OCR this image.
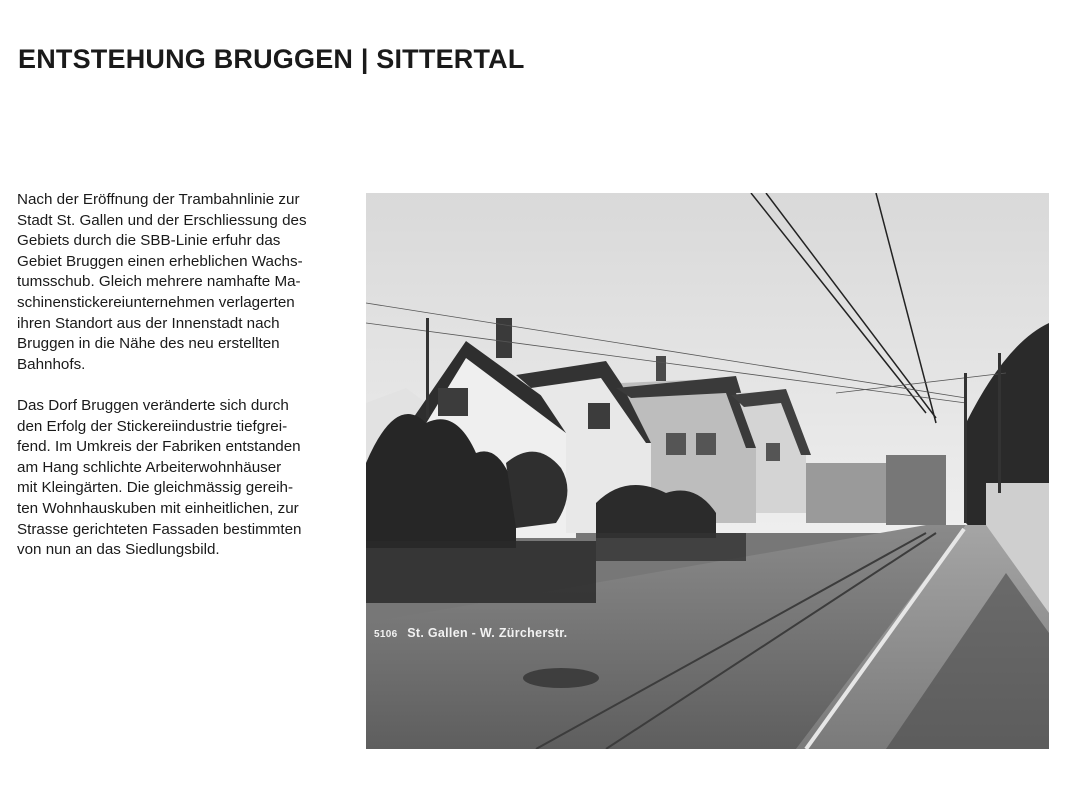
ENTSTEHUNG BRUGGEN | SITTERTAL

Nach der Eröffnung der Trambahnlinie zur
Stadt St. Gallen und der Erschliessung des
Gebiets durch die SBB-Linie erfuhr das
Gebiet Bruggen einen erheblichen Wachs-
tumsschub. Gleich mehrere namhafte Ma-
schinenstickereiunternehmen verlagerten
ihren Standort aus der Innenstadt nach
Bruggen in die Nähe des neu erstellten
Bahnhofs.

Das Dorf Bruggen veränderte sich durch
den Erfolg der Stickereiindustrie tiefgrei-
fend. Im Umkreis der Fabriken entstanden
am Hang schlichte Arbeiterwohnhäuser
mit Kleingärten. Die gleichmässig gereih-
ten Wohnhauskuben mit einheitlichen, zur
Strasse gerichteten Fassaden bestimmten
von nun an das Siedlungsbild.

5106 St. Gallen - W. Zürcherstr.
